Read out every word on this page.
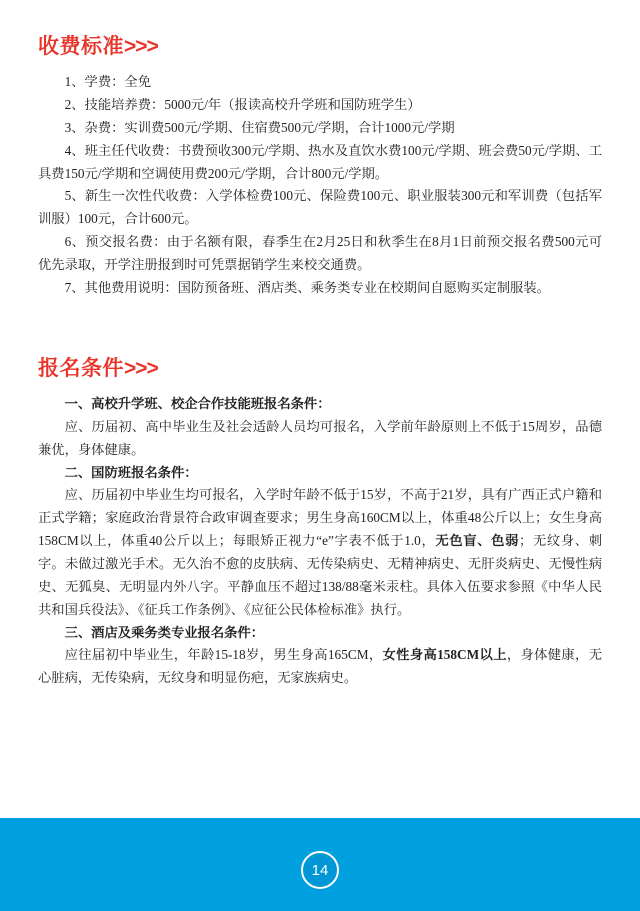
收费标准>>>

1、学费：全免

2、技能培养费：5000元/年（报读高校升学班和国防班学生）

3、杂费：实训费500元/学期、住宿费500元/学期，合计1000元/学期

4、班主任代收费：书费预收300元/学期、热水及直饮水费100元/学期、班会费50元/学期、工具费150元/学期和空调使用费200元/学期，合计800元/学期。

5、新生一次性代收费：入学体检费100元、保险费100元、职业服装300元和军训费（包括军训服）100元，合计600元。

6、预交报名费：由于名额有限，春季生在2月25日和秋季生在8月1日前预交报名费500元可优先录取，开学注册报到时可凭票据销学生来校交通费。

7、其他费用说明：国防预备班、酒店类、乘务类专业在校期间自愿购买定制服装。

报名条件>>>

一、高校升学班、校企合作技能班报名条件：

应、历届初、高中毕业生及社会适龄人员均可报名，入学前年龄原则上不低于15周岁，品德兼优，身体健康。

二、国防班报名条件：

应、历届初中毕业生均可报名，入学时年龄不低于15岁，不高于21岁，具有广西正式户籍和正式学籍；家庭政治背景符合政审调查要求；男生身高160CM以上，体重48公斤以上；女生身高158CM以上，体重40公斤以上；每眼矫正视力“e”字表不低于1.0，无色盲、色弱；无纹身、刺字。未做过激光手术。无久治不愈的皮肤病、无传染病史、无精神病史、无肝炎病史、无慢性病史、无狐臭、无明显内外八字。平静血压不超过138/88毫米汞柱。具体入伍要求参照《中华人民共和国兵役法》、《征兵工作条例》、《应征公民体检标准》执行。

三、酒店及乘务类专业报名条件：

应往届初中毕业生，年龄15-18岁，男生身高165CM，女性身高158CM以上，身体健康，无心脏病，无传染病，无纹身和明显伤疤，无家族病史。

14
